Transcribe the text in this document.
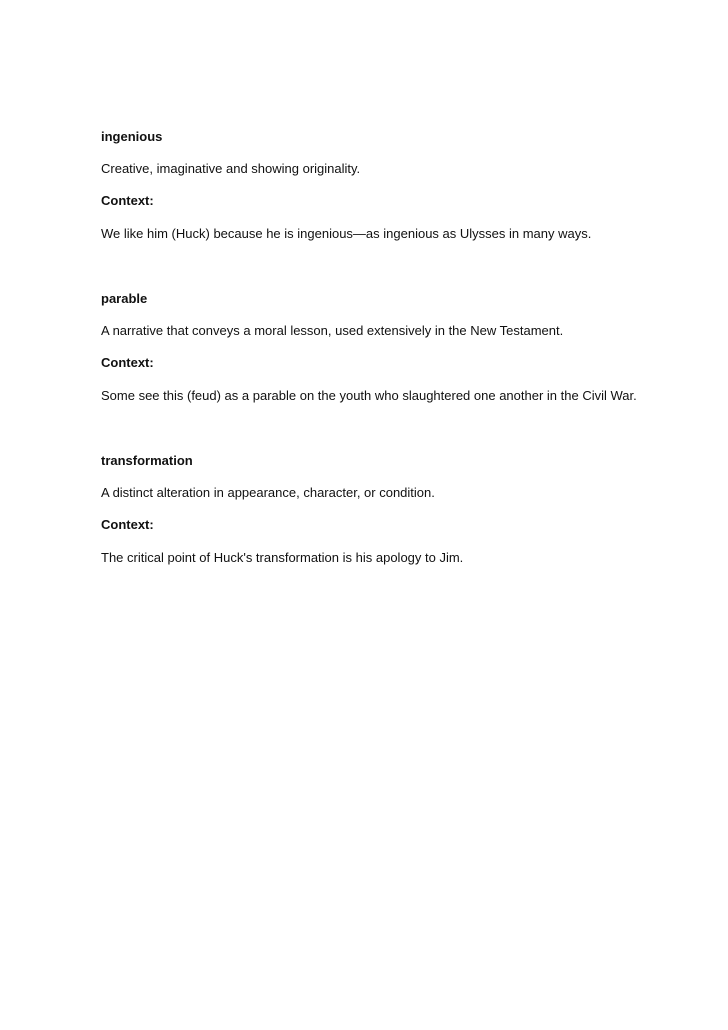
ingenious

Creative, imaginative and showing originality.

Context:

We like him (Huck) because he is ingenious—as ingenious as Ulysses in many ways.

parable

A narrative that conveys a moral lesson, used extensively in the New Testament.

Context:

Some see this (feud) as a parable on the youth who slaughtered one another in the Civil War.

transformation

A distinct alteration in appearance, character, or condition.

Context:

The critical point of Huck's transformation is his apology to Jim.
